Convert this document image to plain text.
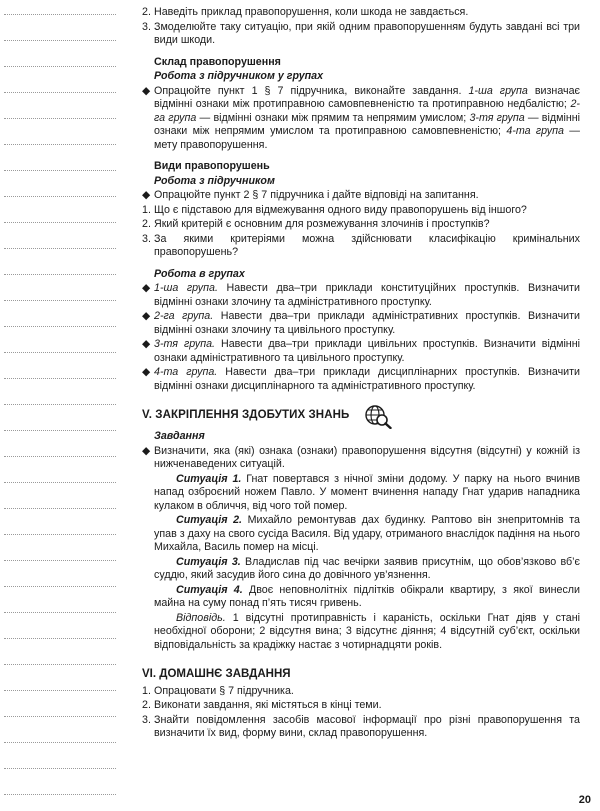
2. Наведіть приклад правопорушення, коли шкода не завдається.
3. Змоделюйте таку ситуацію, при якій одним правопорушенням будуть завдані всі три види шкоди.
Склад правопорушення
Робота з підручником у групах
◆ Опрацюйте пункт 1 § 7 підручника, виконайте завдання. 1-ша група визначає відмінні ознаки між протиправною самовпевненістю та протиправною недбалістю; 2-га група — відмінні ознаки між прямим та непрямим умислом; 3-тя група — відмінні ознаки між непрямим умислом та протиправною самовпевненістю; 4-та група — мету правопорушення.
Види правопорушень
Робота з підручником
◆ Опрацюйте пункт 2 § 7 підручника і дайте відповіді на запитання.
1. Що є підставою для відмежування одного виду правопорушень від іншого?
2. Який критерій є основним для розмежування злочинів і проступків?
3. За якими критеріями можна здійснювати класифікацію кримінальних правопорушень?
Робота в групах
◆ 1-ша група. Навести два–три приклади конституційних проступків. Визначити відмінні ознаки злочину та адміністративного проступку.
◆ 2-га група. Навести два–три приклади адміністративних проступків. Визначити відмінні ознаки злочину та цивільного проступку.
◆ 3-тя група. Навести два–три приклади цивільних проступків. Визначити відмінні ознаки адміністративного та цивільного проступку.
◆ 4-та група. Навести два–три приклади дисциплінарних проступків. Визначити відмінні ознаки дисциплінарного та адміністративного проступку.
V. ЗАКРІПЛЕННЯ ЗДОБУТИХ ЗНАНЬ
Завдання
◆ Визначити, яка (які) ознака (ознаки) правопорушення відсутня (відсутні) у кожній із нижченаведених ситуацій.
Ситуація 1. Гнат повертався з нічної зміни додому. У парку на нього вчинив напад озброєний ножем Павло. У момент вчинення нападу Гнат ударив нападника кулаком в обличчя, від чого той помер.
Ситуація 2. Михайло ремонтував дах будинку. Раптово він знепритомнів та упав з даху на свого сусіда Василя. Від удару, отриманого внаслідок падіння на нього Михайла, Василь помер на місці.
Ситуація 3. Владислав під час вечірки заявив присутнім, що обов’язково вб’є суддю, який засудив його сина до довічного ув’язнення.
Ситуація 4. Двоє неповнолітніх підлітків обікрали квартиру, з якої винесли майна на суму понад п’ять тисяч гривень.
Відповідь. 1 відсутні протиправність і караність, оскільки Гнат діяв у стані необхідної оборони; 2 відсутня вина; 3 відсутнє діяння; 4 відсутній суб’єкт, оскільки відповідальність за крадіжку настає з чотирнадцяти років.
VI. ДОМАШНЄ ЗАВДАННЯ
1. Опрацювати § 7 підручника.
2. Виконати завдання, які містяться в кінці теми.
3. Знайти повідомлення засобів масової інформації про різні правопорушення та визначити їх вид, форму вини, склад правопорушення.
20
